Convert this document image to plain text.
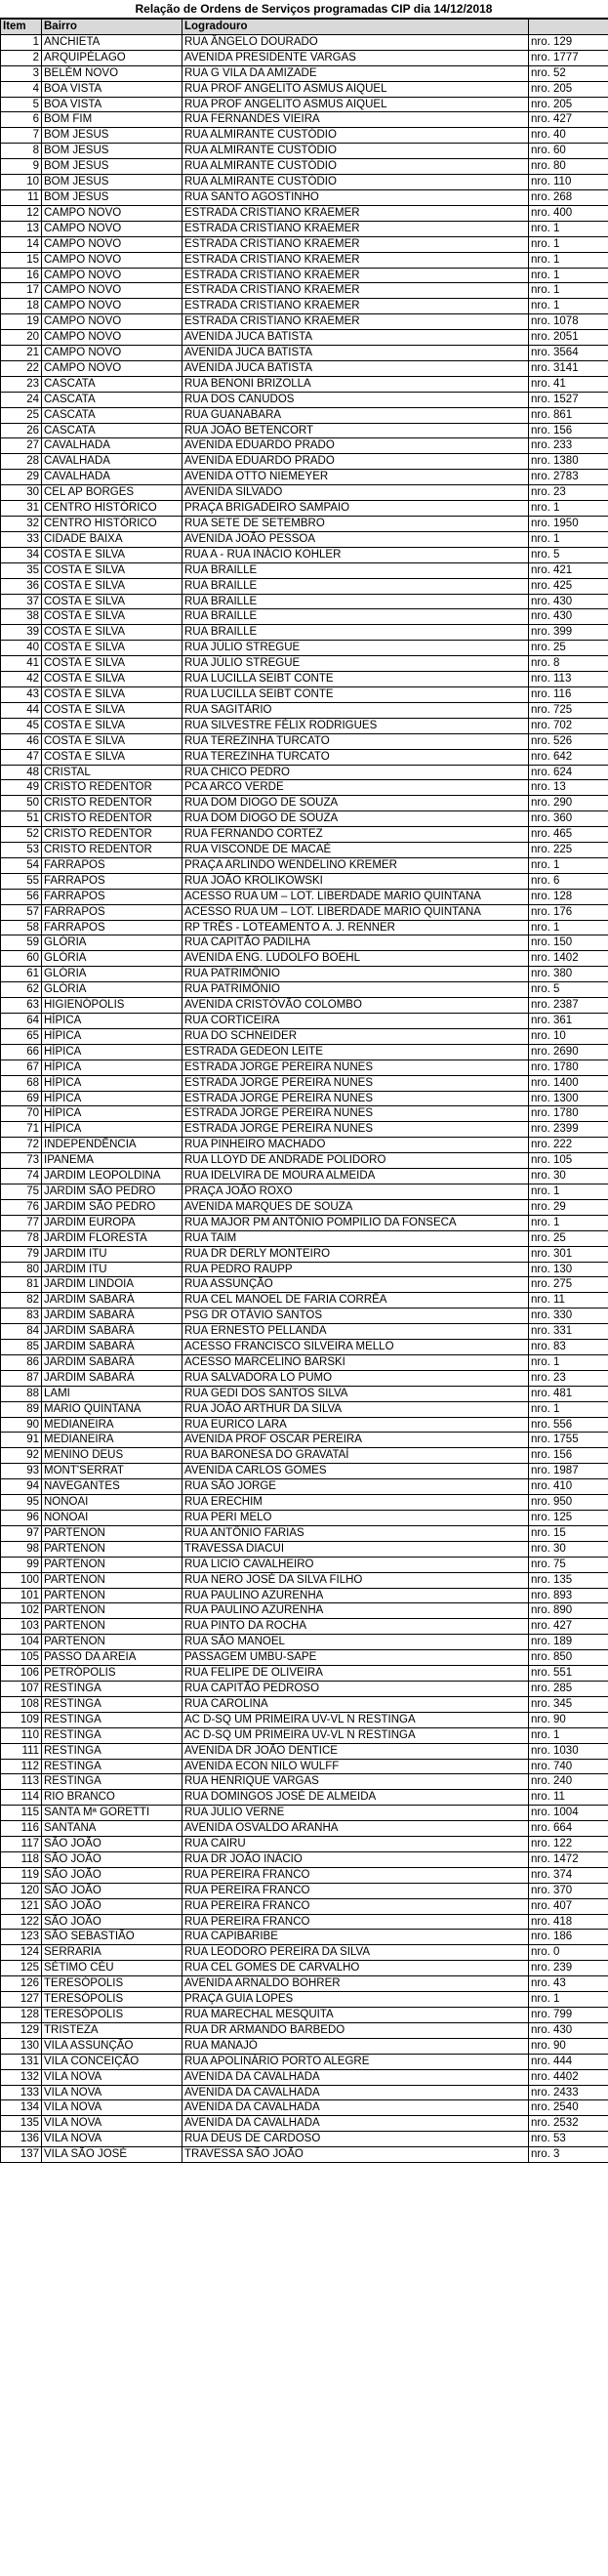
Relação de Ordens de Serviços programadas CIP dia 14/12/2018
Item	Bairro	Logradouro	
1	ANCHIETA	RUA ÂNGELO DOURADO	nro. 129
2	ARQUIPÉLAGO	AVENIDA PRESIDENTE VARGAS	nro. 1777
3	BELÉM NOVO	RUA G VILA DA AMIZADE	nro. 52
4	BOA VISTA	RUA PROF ANGELITO ASMUS AIQUEL	nro. 205
5	BOA VISTA	RUA PROF ANGELITO ASMUS AIQUEL	nro. 205
6	BOM FIM	RUA FERNANDES VIEIRA	nro. 427
7	BOM JESUS	RUA ALMIRANTE CUSTÓDIO	nro. 40
8	BOM JESUS	RUA ALMIRANTE CUSTÓDIO	nro. 60
9	BOM JESUS	RUA ALMIRANTE CUSTÓDIO	nro. 80
10	BOM JESUS	RUA ALMIRANTE CUSTÓDIO	nro. 110
11	BOM JESUS	RUA SANTO AGOSTINHO	nro. 268
12	CAMPO NOVO	ESTRADA CRISTIANO KRAEMER	nro. 400
13	CAMPO NOVO	ESTRADA CRISTIANO KRAEMER	nro. 1
14	CAMPO NOVO	ESTRADA CRISTIANO KRAEMER	nro. 1
15	CAMPO NOVO	ESTRADA CRISTIANO KRAEMER	nro. 1
16	CAMPO NOVO	ESTRADA CRISTIANO KRAEMER	nro. 1
17	CAMPO NOVO	ESTRADA CRISTIANO KRAEMER	nro. 1
18	CAMPO NOVO	ESTRADA CRISTIANO KRAEMER	nro. 1
19	CAMPO NOVO	ESTRADA CRISTIANO KRAEMER	nro. 1078
20	CAMPO NOVO	AVENIDA JUCA BATISTA	nro. 2051
21	CAMPO NOVO	AVENIDA JUCA BATISTA	nro. 3564
22	CAMPO NOVO	AVENIDA JUCA BATISTA	nro. 3141
23	CASCATA	RUA BENONI BRIZOLLA	nro. 41
24	CASCATA	RUA DOS CANUDOS	nro. 1527
25	CASCATA	RUA GUANABARA	nro. 861
26	CASCATA	RUA JOÃO BETENCORT	nro. 156
27	CAVALHADA	AVENIDA EDUARDO PRADO	nro. 233
28	CAVALHADA	AVENIDA EDUARDO PRADO	nro. 1380
29	CAVALHADA	AVENIDA OTTO NIEMEYER	nro. 2783
30	CEL AP BORGES	AVENIDA SILVADO	nro. 23
31	CENTRO HISTÓRICO	PRAÇA BRIGADEIRO SAMPAIO	nro. 1
32	CENTRO HISTÓRICO	RUA SETE DE SETEMBRO	nro. 1950
33	CIDADE BAIXA	AVENIDA JOÃO PESSOA	nro. 1
34	COSTA E SILVA	RUA A - RUA INÁCIO KOHLER	nro. 5
35	COSTA E SILVA	RUA BRAILLE	nro. 421
36	COSTA E SILVA	RUA BRAILLE	nro. 425
37	COSTA E SILVA	RUA BRAILLE	nro. 430
38	COSTA E SILVA	RUA BRAILLE	nro. 430
39	COSTA E SILVA	RUA BRAILLE	nro. 399
40	COSTA E SILVA	RUA JÚLIO STREGUE	nro. 25
41	COSTA E SILVA	RUA JÚLIO STREGUE	nro. 8
42	COSTA E SILVA	RUA LUCILLA SEIBT CONTE	nro. 113
43	COSTA E SILVA	RUA LUCILLA SEIBT CONTE	nro. 116
44	COSTA E SILVA	RUA SAGITÁRIO	nro. 725
45	COSTA E SILVA	RUA SILVESTRE FÉLIX RODRIGUES	nro. 702
46	COSTA E SILVA	RUA TEREZINHA TURCATO	nro. 526
47	COSTA E SILVA	RUA TEREZINHA TURCATO	nro. 642
48	CRISTAL	RUA CHICO PEDRO	nro. 624
49	CRISTO REDENTOR	PCA ARCO VERDE	nro. 13
50	CRISTO REDENTOR	RUA DOM DIOGO DE SOUZA	nro. 290
51	CRISTO REDENTOR	RUA DOM DIOGO DE SOUZA	nro. 360
52	CRISTO REDENTOR	RUA FERNANDO CORTEZ	nro. 465
53	CRISTO REDENTOR	RUA VISCONDE DE MACAÉ	nro. 225
54	FARRAPOS	PRAÇA ARLINDO WENDELINO KREMER	nro. 1
55	FARRAPOS	RUA JOÃO KROLIKOWSKI	nro. 6
56	FARRAPOS	ACESSO RUA UM – LOT. LIBERDADE MARIO QUINTANA	nro. 128
57	FARRAPOS	ACESSO RUA UM – LOT. LIBERDADE MARIO QUINTANA	nro. 176
58	FARRAPOS	RP TRÊS - LOTEAMENTO A. J. RENNER	nro. 1
59	GLÓRIA	RUA CAPITÃO PADILHA	nro. 150
60	GLÓRIA	AVENIDA ENG. LUDOLFO BOEHL	nro. 1402
61	GLÓRIA	RUA PATRIMÔNIO	nro. 380
62	GLÓRIA	RUA PATRIMÔNIO	nro. 5
63	HIGIENÓPOLIS	AVENIDA CRISTÓVÃO COLOMBO	nro. 2387
64	HÍPICA	RUA CORTICEIRA	nro. 361
65	HÍPICA	RUA DO SCHNEIDER	nro. 10
66	HÍPICA	ESTRADA GEDEON LEITE	nro. 2690
67	HÍPICA	ESTRADA JORGE PEREIRA NUNES	nro. 1780
68	HÍPICA	ESTRADA JORGE PEREIRA NUNES	nro. 1400
69	HÍPICA	ESTRADA JORGE PEREIRA NUNES	nro. 1300
70	HÍPICA	ESTRADA JORGE PEREIRA NUNES	nro. 1780
71	HÍPICA	ESTRADA JORGE PEREIRA NUNES	nro. 2399
72	INDEPENDÊNCIA	RUA PINHEIRO MACHADO	nro. 222
73	IPANEMA	RUA LLOYD DE ANDRADE POLIDORO	nro. 105
74	JARDIM LEOPOLDINA	RUA IDELVIRA DE MOURA ALMEIDA	nro. 30
75	JARDIM SÃO PEDRO	PRAÇA JOÃO ROXO	nro. 1
76	JARDIM SÃO PEDRO	AVENIDA MARQUES DE SOUZA	nro. 29
77	JARDIM EUROPA	RUA MAJOR PM ANTÔNIO POMPILIO DA FONSECA	nro. 1
78	JARDIM FLORESTA	RUA TAIM	nro. 25
79	JARDIM ITU	RUA DR DERLY MONTEIRO	nro. 301
80	JARDIM ITU	RUA PEDRO RAUPP	nro. 130
81	JARDIM LINDOIA	RUA ASSUNÇÃO	nro. 275
82	JARDIM SABARÁ	RUA CEL MANOEL DE FARIA CORRÊA	nro. 11
83	JARDIM SABARÁ	PSG DR OTÁVIO SANTOS	nro. 330
84	JARDIM SABARÁ	RUA ERNESTO PELLANDA	nro. 331
85	JARDIM SABARÁ	ACESSO FRANCISCO SILVEIRA MELLO	nro. 83
86	JARDIM SABARÁ	ACESSO MARCELINO BARSKI	nro. 1
87	JARDIM SABARÁ	RUA SALVADORA LO PUMO	nro. 23
88	LAMI	RUA GEDI DOS SANTOS SILVA	nro. 481
89	MARIO QUINTANA	RUA JOÃO ARTHUR DA SILVA	nro. 1
90	MEDIANEIRA	RUA EURICO LARA	nro. 556
91	MEDIANEIRA	AVENIDA PROF OSCAR PEREIRA	nro. 1755
92	MENINO DEUS	RUA BARONESA DO GRAVATAÍ	nro. 156
93	MONT'SERRAT	AVENIDA CARLOS GOMES	nro. 1987
94	NAVEGANTES	RUA SÃO JORGE	nro. 410
95	NONOAI	RUA ERECHIM	nro. 950
96	NONOAI	RUA PERI MELO	nro. 125
97	PARTENON	RUA ANTÔNIO FARIAS	nro. 15
98	PARTENON	TRAVESSA DIACUI	nro. 30
99	PARTENON	RUA LICIO CAVALHEIRO	nro. 75
100	PARTENON	RUA NERO JOSÉ DA SILVA FILHO	nro. 135
101	PARTENON	RUA PAULINO AZURENHA	nro. 893
102	PARTENON	RUA PAULINO AZURENHA	nro. 890
103	PARTENON	RUA PINTO DA ROCHA	nro. 427
104	PARTENON	RUA SÃO MANOEL	nro. 189
105	PASSO DA AREIA	PASSAGEM UMBU-SAPE	nro. 850
106	PETRÓPOLIS	RUA FELIPE DE OLIVEIRA	nro. 551
107	RESTINGA	RUA CAPITÃO PEDROSO	nro. 285
108	RESTINGA	RUA CAROLINA	nro. 345
109	RESTINGA	AC D-SQ UM PRIMEIRA UV-VL N RESTINGA	nro. 90
110	RESTINGA	AC D-SQ UM PRIMEIRA UV-VL N RESTINGA	nro. 1
111	RESTINGA	AVENIDA DR JOÃO DENTICE	nro. 1030
112	RESTINGA	AVENIDA ECON NILO WULFF	nro. 740
113	RESTINGA	RUA HENRIQUE VARGAS	nro. 240
114	RIO BRANCO	RUA DOMINGOS JOSÉ DE ALMEIDA	nro. 11
115	SANTA Mª GORETTI	RUA JÚLIO VERNE	nro. 1004
116	SANTANA	AVENIDA OSVALDO ARANHA	nro. 664
117	SÃO JOÃO	RUA CAIRU	nro. 122
118	SÃO JOÃO	RUA DR JOÃO INÁCIO	nro. 1472
119	SÃO JOÃO	RUA PEREIRA FRANCO	nro. 374
120	SÃO JOÃO	RUA PEREIRA FRANCO	nro. 370
121	SÃO JOÃO	RUA PEREIRA FRANCO	nro. 407
122	SÃO JOÃO	RUA PEREIRA FRANCO	nro. 418
123	SÃO SEBASTIÃO	RUA CAPIBARIBE	nro. 186
124	SERRARIA	RUA LEODORO PEREIRA DA SILVA	nro. 0
125	SÉTIMO CÉU	RUA CEL GOMES DE CARVALHO	nro. 239
126	TERESÓPOLIS	AVENIDA ARNALDO BOHRER	nro. 43
127	TERESÓPOLIS	PRAÇA GUIA LOPES	nro. 1
128	TERESÓPOLIS	RUA MARECHAL MESQUITA	nro. 799
129	TRISTEZA	RUA DR ARMANDO BARBEDO	nro. 430
130	VILA ASSUNÇÃO	RUA MANAJÓ	nro. 90
131	VILA CONCEIÇÃO	RUA APOLINÁRIO PORTO ALEGRE	nro. 444
132	VILA NOVA	AVENIDA DA CAVALHADA	nro. 4402
133	VILA NOVA	AVENIDA DA CAVALHADA	nro. 2433
134	VILA NOVA	AVENIDA DA CAVALHADA	nro. 2540
135	VILA NOVA	AVENIDA DA CAVALHADA	nro. 2532
136	VILA NOVA	RUA DEUS DE CARDOSO	nro. 53
137	VILA SÃO JOSÉ	TRAVESSA SÃO JOÃO	nro. 3
